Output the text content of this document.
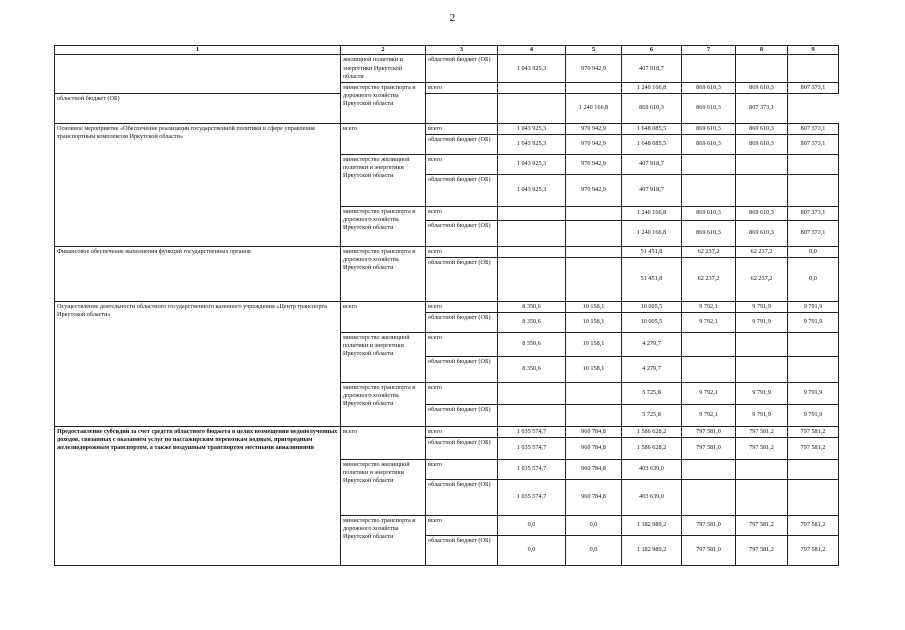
2
1	2	3	4	5	6	7	8	9
	жилищной политики и энергетики Иркутской области	областной бюджет (ОБ)	1 043 925,3	970 942,9	407 918,7			
	министерство транспорта и дорожного хозяйства Иркутской области	всего			1 240 166,8	869 610,3	869 610,3	807 373,1
областной бюджет (ОБ)				1 240 166,8	869 610,3	869 610,3	807 373,1	
Основное мероприятие «Обеспечение реализации государственной политики в сфере управления транспортным комплексом Иркутской области»	всего	всего	1 043 925,3	970 942,9	1 648 085,5	869 610,3	869 610,3	807 373,1
		областной бюджет (ОБ)	1 043 925,3	970 942,9	1 648 085,5	869 610,3	869 610,3	807 373,1
	министерство жилищной политики и энергетики Иркутской области	всего	1 043 925,3	970 942,9	407 918,7			
		областной бюджет (ОБ)	1 043 925,3	970 942,9	407 918,7			
	министерство транспорта и дорожного хозяйства Иркутской области	всего			1 240 166,8	869 610,3	869 610,3	807 373,1
		областной бюджет (ОБ)			1 240 166,8	869 610,3	869 610,3	807 373,1
Финансовое обеспечение выполнения функций государственных органов	министерство транспорта и дорожного хозяйства Иркутской области	всего			51 451,8	62 237,2	62 237,2	0,0
		областной бюджет (ОБ)			51 451,8	62 237,2	62 237,2	0,0
Осуществление деятельности областного государственного казенного учреждения «Центр транспорта Иркутской области»	всего	всего	8 350,6	10 158,1	10 005,5	9 792,1	9 791,9	9 791,9
		областной бюджет (ОБ)	8 350,6	10 158,1	10 005,5	9 792,1	9 791,9	9 791,9
	министерство жилищной политики и энергетики Иркутской области	всего	8 350,6	10 158,1	4 279,7			
		областной бюджет (ОБ)	8 350,6	10 158,1	4 279,7			
	министерство транспорта и дорожного хозяйства Иркутской области	всего			5 725,8	9 792,1	9 791,9	9 791,9
		областной бюджет (ОБ)			5 725,8	9 792,1	9 791,9	9 791,9
Предоставление субсидий за счет средств областного бюджета в целях возмещения недополученных доходов, связанных с оказанием услуг по пассажирским перевозкам водным, пригородным железнодорожным транспортом, а также воздушным транспортом местными авиалиниями	всего	всего	1 035 574,7	960 784,8	1 586 628,2	797 581,0	797 581,2	797 581,2
		областной бюджет (ОБ)	1 035 574,7	960 784,8	1 586 628,2	797 581,0	797 581,2	797 581,2
	министерство жилищной политики и энергетики Иркутской области	всего	1 035 574,7	960 784,8	403 639,0			
		областной бюджет (ОБ)	1 035 574,7	960 784,8	403 639,0			
	министерство транспорта и дорожного хозяйства Иркутской области	всего	0,0	0,0	1 182 989,2	797 581,0	797 581,2	797 581,2
		областной бюджет (ОБ)	0,0	0,0	1 182 989,2	797 581,0	797 581,2	797 581,2
